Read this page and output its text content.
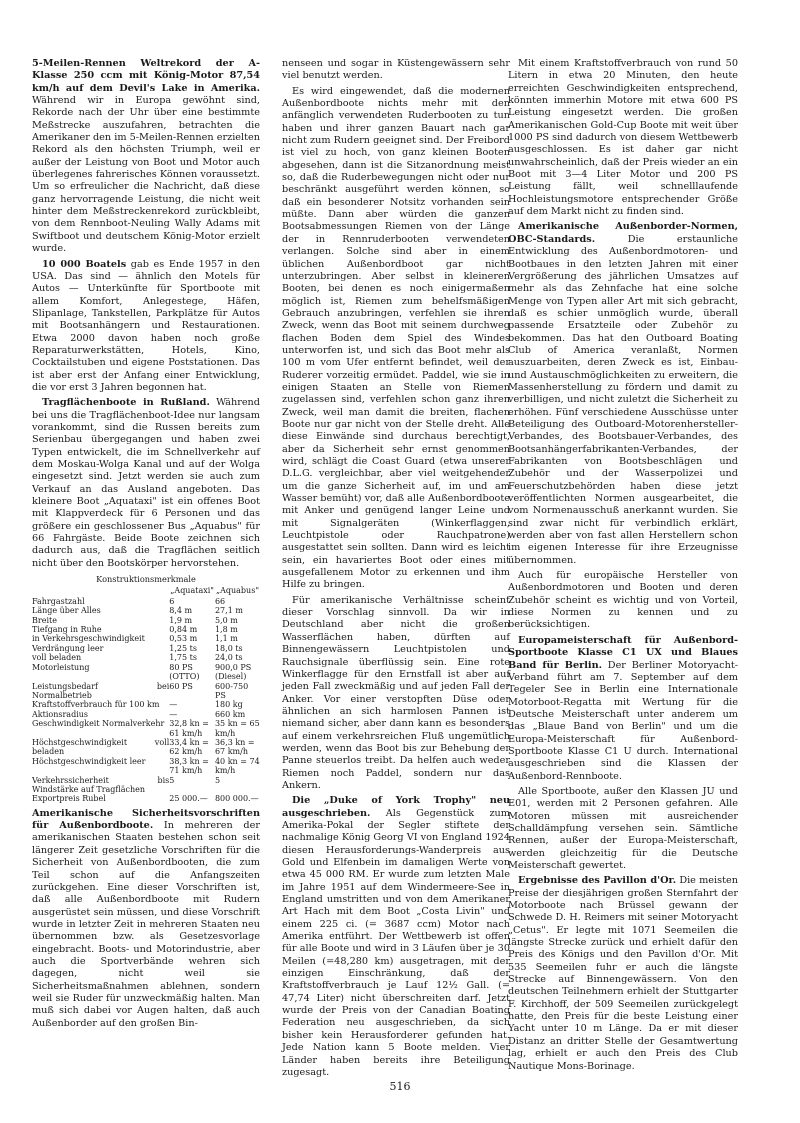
5-Meilen-Rennen Weltrekord der A-Klasse 250 ccm mit König-Motor 87,54 km/h auf dem Devil's Lake in Amerika. Während wir in Europa gewöhnt sind, Rekorde nach der Uhr über eine bestimmte Meßstrecke auszufahren, betrachten die Amerikaner den im 5-Meilen-Rennen erzielten Rekord als den höchsten Triumph, weil er außer der Leistung von Boot und Motor auch überlegenes fahrerisches Können voraussetzt. Um so erfreulicher die Nachricht, daß diese ganz hervorragende Leistung, die nicht weit hinter dem Meßstreckenrekord zurückbleibt, von dem Rennboot-Neuling Wally Adams mit Swiftboot und deutschem König-Motor erzielt wurde.

10 000 Boatels gab es Ende 1957 in den USA. Das sind — ähnlich den Motels für Autos — Unterkünfte für Sportboote mit allem Komfort, Anlegestege, Häfen, Slipanlage, Tankstellen, Parkplätze für Autos mit Bootsanhängern und Restaurationen. Etwa 2000 davon haben noch große Reparaturwerkstätten, Hotels, Kino, Cocktailstuben und eigene Poststationen. Das ist aber erst der Anfang einer Entwicklung, die vor erst 3 Jahren begonnen hat.

Tragflächenboote in Rußland. Während bei uns die Tragflächenboot-Idee nur langsam vorankommt, sind die Russen bereits zum Serienbau übergegangen und haben zwei Typen entwickelt, die im Schnellverkehr auf dem Moskau-Wolga Kanal und auf der Wolga eingesetzt sind. Jetzt werden sie auch zum Verkauf an das Ausland angeboten. Das kleinere Boot „Aquataxi" ist ein offenes Boot mit Klappverdeck für 6 Personen und das größere ein geschlossener Bus „Aquabus" für 66 Fahrgäste. Beide Boote zeichnen sich dadurch aus, daß die Tragflächen seitlich nicht über den Bootskörper hervorstehen.

Konstruktionsmerkmale
	„Aquataxi"	„Aquabus"
Fahrgastzahl	6	66
Länge über Alles	8,4 m	27,1 m
Breite	1,9 m	5,0 m
Tiefgang in Ruhe	0,84 m	1,8 m
in Verkehrsgeschwindigkeit	0,53 m	1,1 m
Verdrängung leer	1,25 ts	18,0 ts
voll beladen	1,75 ts	24,0 ts
Motorleistung	80 PS (OTTO)	900,0 PS (Diesel)
Leistungsbedarf bei Normalbetrieb	60 PS	600-750 PS
Kraftstoffverbrauch für 100 km	—	180 kg
Aktionsradius	—	660 km
Geschwindigkeit Normalverkehr	32,8 kn = 61 km/h	35 kn = 65 km/h
Höchstgeschwindigkeit voll beladen	33,4 kn = 62 km/h	36,3 kn = 67 km/h
Höchstgeschwindigkeit leer	38,3 kn = 71 km/h	40 kn = 74 km/h
Verkehrssicherheit bis Windstärke auf Tragflächen	5	5
Exportpreis Rubel	25 000.—	800 000.—

Amerikanische Sicherheitsvorschriften für Außenbordboote. In mehreren der amerikanischen Staaten bestehen schon seit längerer Zeit gesetzliche Vorschriften für die Sicherheit von Außenbordbooten, die zum Teil schon auf die Anfangszeiten zurückgehen. Eine dieser Vorschriften ist, daß alle Außenbordboote mit Rudern ausgerüstet sein müssen, und diese Vorschrift wurde in letzter Zeit in mehreren Staaten neu übernommen bzw. als Gesetzesvorlage eingebracht. Boots- und Motorindustrie, aber auch die Sportverbände wehren sich dagegen, nicht weil sie Sicherheitsmaßnahmen ablehnen, sondern weil sie Ruder für unzweckmäßig halten. Man muß sich dabei vor Augen halten, daß auch Außenborder auf den großen Bin-

nenseen und sogar in Küstengewässern sehr viel benutzt werden.

Es wird eingewendet, daß die modernen Außenbordboote nichts mehr mit den anfänglich verwendeten Ruderbooten zu tun haben und ihrer ganzen Bauart nach gar nicht zum Rudern geeignet sind. Der Freibord ist viel zu hoch, von ganz kleinen Booten abgesehen, dann ist die Sitzanordnung meist so, daß die Ruderbewegungen nicht oder nur beschränkt ausgeführt werden können, so daß ein besonderer Notsitz vorhanden sein müßte. Dann aber würden die ganzen Bootsabmessungen Riemen von der Länge der in Rennruderbooten verwendeten verlangen. Solche sind aber in einem üblichen Außenbordboot gar nicht unterzubringen. Aber selbst in kleineren Booten, bei denen es noch einigermaßen möglich ist, Riemen zum behelfsmäßigen Gebrauch anzubringen, verfehlen sie ihren Zweck, wenn das Boot mit seinem durchweg flachen Boden dem Spiel des Windes unterworfen ist, und sich das Boot mehr als 100 m vom Ufer entfernt befindet, weil der Ruderer vorzeitig ermüdet. Paddel, wie sie in einigen Staaten an Stelle von Riemen zugelassen sind, verfehlen schon ganz ihren Zweck, weil man damit die breiten, flachen Boote nur gar nicht von der Stelle dreht. Alle diese Einwände sind durchaus berechtigt, aber da Sicherheit sehr ernst genommen wird, schlägt die Coast Guard (etwa unserer D.L.G. vergleichbar, aber viel weitgehender um die ganze Sicherheit auf, im und am Wasser bemüht) vor, daß alle Außenbordboote mit Anker und genügend langer Leine und mit Signalgeräten (Winkerflaggen, Leuchtpistole oder Rauchpatrone) ausgestattet sein sollten. Dann wird es leicht sein, ein havariertes Boot oder eines mit ausgefallenem Motor zu erkennen und ihm Hilfe zu bringen.

Für amerikanische Verhältnisse scheint dieser Vorschlag sinnvoll. Da wir in Deutschland aber nicht die großen Wasserflächen haben, dürften auf Binnengewässern Leuchtpistolen und Rauchsignale überflüssig sein. Eine rote Winkerflagge für den Ernstfall ist aber auf jeden Fall zweckmäßig und auf jeden Fall der Anker. Vor einer verstopften Düse oder ähnlichen an sich harmlosen Pannen ist niemand sicher, aber dann kann es besonders auf einem verkehrsreichen Fluß ungemütlich werden, wenn das Boot bis zur Behebung der Panne steuerlos treibt. Da helfen auch weder Riemen noch Paddel, sondern nur das Ankern.

Die „Duke of York Trophy" neu ausgeschrieben. Als Gegenstück zum Amerika-Pokal der Segler stiftete der nachmalige König Georg VI von England 1924 diesen Herausforderungs-Wanderpreis aus Gold und Elfenbein im damaligen Werte von etwa 45 000 RM. Er wurde zum letzten Male im Jahre 1951 auf dem Windermeere-See in England umstritten und von dem Amerikaner Art Hach mit dem Boot „Costa Livin" und einem 225 ci. (= 3687 ccm) Motor nach Amerika entführt. Der Wettbewerb ist offen für alle Boote und wird in 3 Läufen über je 30 Meilen (=48,280 km) ausgetragen, mit der einzigen Einschränkung, daß der Kraftstoffverbrauch je Lauf 12½ Gall. (= 47,74 Liter) nicht überschreiten darf. Jetzt wurde der Preis von der Canadian Boating Federation neu ausgeschrieben, da sich bisher kein Herausforderer gefunden hat. Jede Nation kann 5 Boote melden. Vier Länder haben bereits ihre Beteiligung zugesagt.

Mit einem Kraftstoffverbrauch von rund 50 Litern in etwa 20 Minuten, den heute erreichten Geschwindigkeiten entsprechend, könnten immerhin Motore mit etwa 600 PS Leistung eingesetzt werden. Die großen Amerikanischen Gold-Cup Boote mit weit über 1000 PS sind dadurch von diesem Wettbewerb ausgeschlossen. Es ist daher gar nicht unwahrscheinlich, daß der Preis wieder an ein Boot mit 3—4 Liter Motor und 200 PS Leistung fällt, weil schnelllaufende Hochleistungsmotore entsprechender Größe auf dem Markt nicht zu finden sind.

Amerikanische Außenborder-Normen, OBC-Standards.	Die erstaunliche Entwicklung des Außenbordmotoren- und Bootbaues in den letzten Jahren mit einer Vergrößerung des jährlichen Umsatzes auf mehr als das Zehnfache hat eine solche Menge von Typen aller Art mit sich gebracht, daß es schier unmöglich wurde, überall passende Ersatzteile oder Zubehör zu bekommen. Das hat den Outboard Boating Club of America veranlaßt, Normen auszuarbeiten, deren Zweck es ist, Einbau- und Austauschmöglichkeiten zu erweitern, die Massenherstellung zu fördern und damit zu verbilligen, und nicht zuletzt die Sicherheit zu erhöhen. Fünf verschiedene Ausschüsse unter Beteiligung des Outboard-Motorenhersteller-Verbandes, des Bootsbauer-Verbandes, des Bootsanhängerfabrikanten-Verbandes, der Fabrikanten von Bootsbeschlägen und Zubehör und der Wasserpolizei und Feuerschutzbehörden haben diese jetzt veröffentlichten Normen ausgearbeitet, die vom Normenausschuß anerkannt wurden. Sie sind zwar nicht für verbindlich erklärt, werden aber von fast allen Herstellern schon im eigenen Interesse für ihre Erzeugnisse übernommen.

Auch für europäische Hersteller von Außenbordmotoren und Booten und deren Zubehör scheint es wichtig und von Vorteil, diese Normen zu kennen und zu berücksichtigen.

Europameisterschaft für Außenbord-Sportboote Klasse C1 UX und Blaues Band für Berlin. Der Berliner Motoryacht-Verband führt am 7. September auf dem Tegeler See in Berlin eine Internationale Motorboot-Regatta mit Wertung für die Deutsche Meisterschaft unter anderem um das „Blaue Band von Berlin" und um die Europa-Meisterschaft für Außenbord-Sportboote Klasse C1 U durch. International ausgeschrieben sind die Klassen der Außenbord-Rennboote.

Alle Sportboote, außer den Klassen JU und E01, werden mit 2 Personen gefahren. Alle Motoren müssen mit ausreichender Schalldämpfung versehen sein. Sämtliche Rennen, außer der Europa-Meisterschaft, werden gleichzeitig für die Deutsche Meisterschaft gewertet.

Ergebnisse des Pavillon d'Or. Die meisten Preise der diesjährigen großen Sternfahrt der Motorboote nach Brüssel gewann der Schwede D. H. Reimers mit seiner Motoryacht „Cetus". Er legte mit 1071 Seemeilen die längste Strecke zurück und erhielt dafür den Preis des Königs und den Pavillon d'Or. Mit 535 Seemeilen fuhr er auch die längste Strecke auf Binnengewässern. Von den deutschen Teilnehmern erhielt der Stuttgarter F. Kirchhoff, der 509 Seemeilen zurückgelegt hatte, den Preis für die beste Leistung einer Yacht unter 10 m Länge. Da er mit dieser Distanz an dritter Stelle der Gesamtwertung lag, erhielt er auch den Preis des Club Nautique Mons-Borinage.

516
